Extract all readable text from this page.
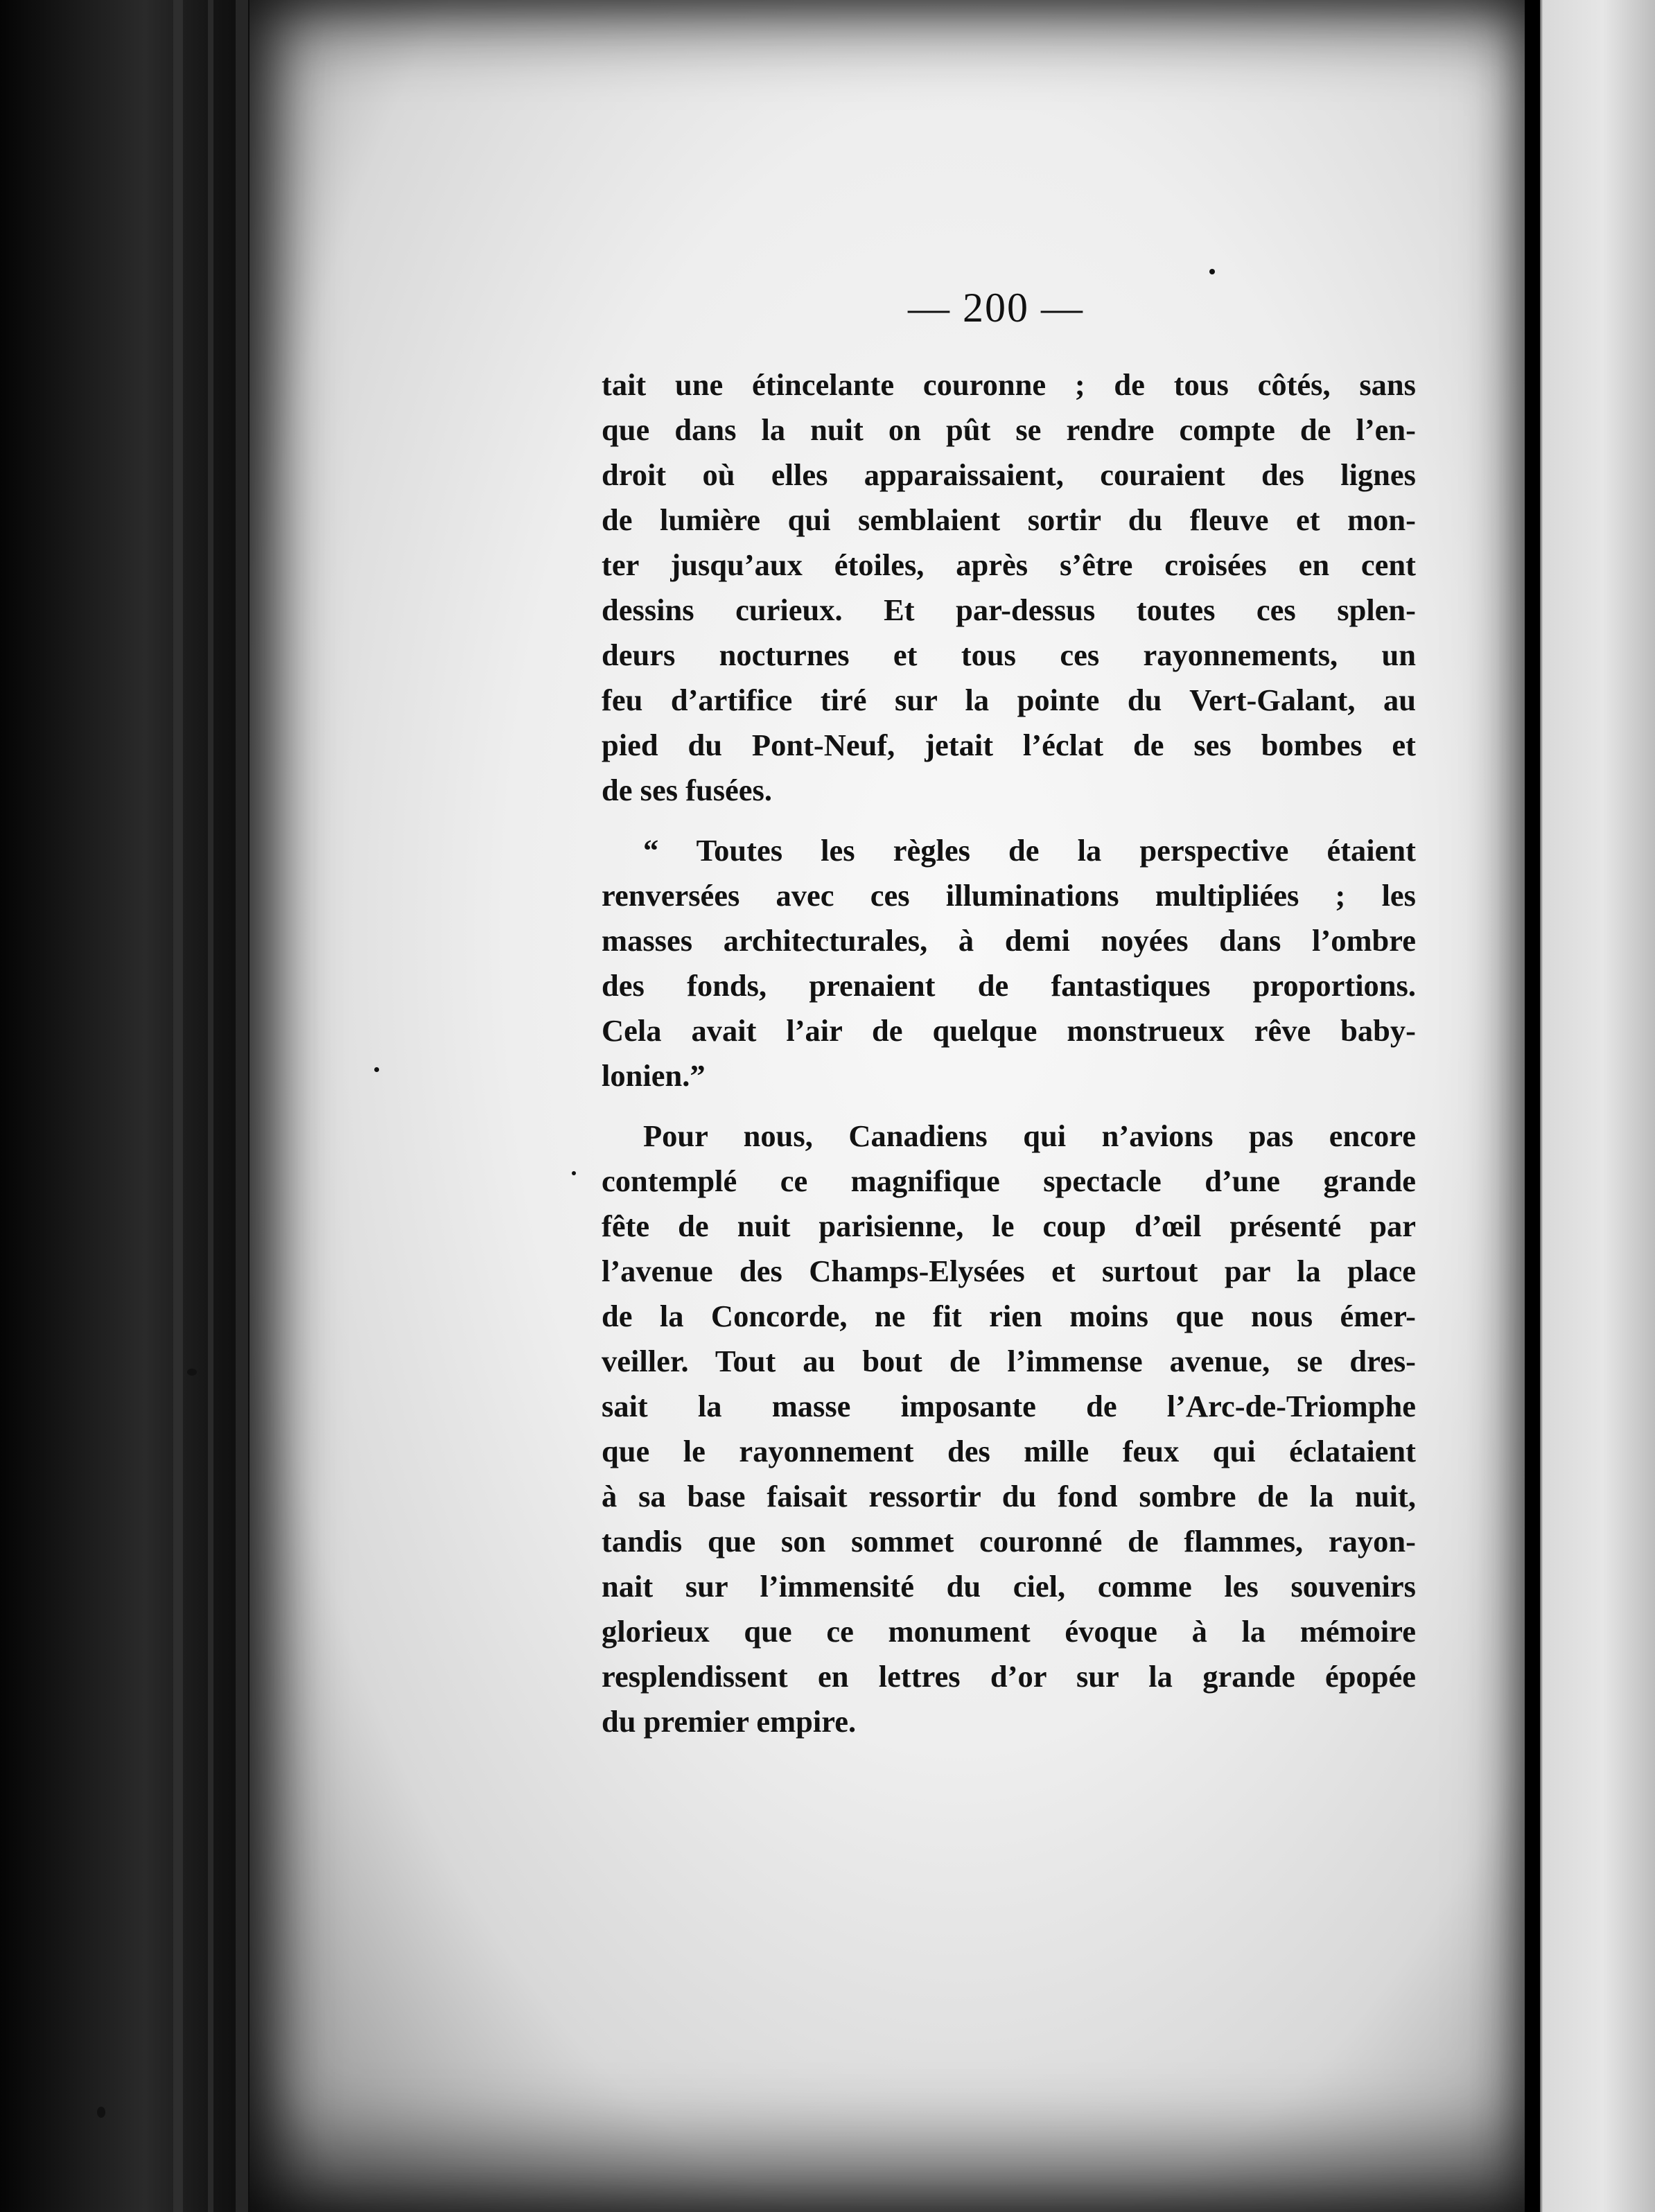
— 200 —
tait une étincelante couronne ; de tous côtés, sans
que dans la nuit on pût se rendre compte de l’en-
droit où elles apparaissaient, couraient des lignes
de lumière qui semblaient sortir du fleuve et mon-
ter jusqu’aux étoiles, après s’être croisées en cent
dessins curieux. Et par-dessus toutes ces splen-
deurs nocturnes et tous ces rayonnements, un
feu d’artifice tiré sur la pointe du Vert-Galant, au
pied du Pont-Neuf, jetait l’éclat de ses bombes et
de ses fusées.
“ Toutes les règles de la perspective étaient
renversées avec ces illuminations multipliées ; les
masses architecturales, à demi noyées dans l’ombre
des fonds, prenaient de fantastiques proportions.
Cela avait l’air de quelque monstrueux rêve baby-
lonien.”
Pour nous, Canadiens qui n’avions pas encore
contemplé ce magnifique spectacle d’une grande
fête de nuit parisienne, le coup d’œil présenté par
l’avenue des Champs-Elysées et surtout par la place
de la Concorde, ne fit rien moins que nous émer-
veiller. Tout au bout de l’immense avenue, se dres-
sait la masse imposante de l’Arc-de-Triomphe
que le rayonnement des mille feux qui éclataient
à sa base faisait ressortir du fond sombre de la nuit,
tandis que son sommet couronné de flammes, rayon-
nait sur l’immensité du ciel, comme les souvenirs
glorieux que ce monument évoque à la mémoire
resplendissent en lettres d’or sur la grande épopée
du premier empire.
